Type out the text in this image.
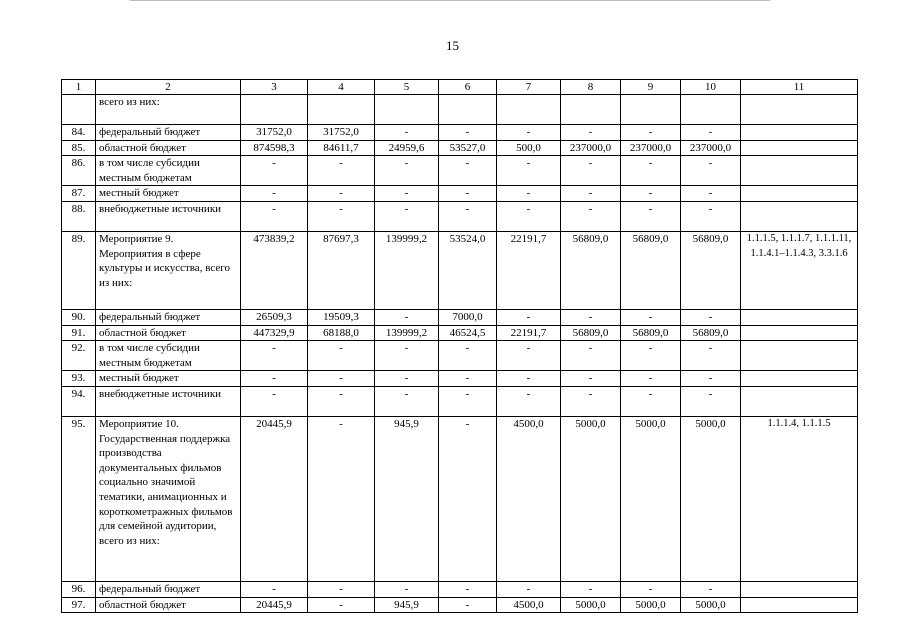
15
1	2	3	4	5	6	7	8	9	10	11
	всего из них:									
84.	федеральный бюджет	31752,0	31752,0	-	-	-	-	-	-	
85.	областной бюджет	874598,3	84611,7	24959,6	53527,0	500,0	237000,0	237000,0	237000,0	
86.	в том числе субсидии местным бюджетам	-	-	-	-	-	-	-	-	
87.	местный бюджет	-	-	-	-	-	-	-	-	
88.	внебюджетные источники	-	-	-	-	-	-	-	-	
89.	Мероприятие 9. Мероприятия в сфере культуры и искусства, всего из них:	473839,2	87697,3	139999,2	53524,0	22191,7	56809,0	56809,0	56809,0	1.1.1.5, 1.1.1.7, 1.1.1.11, 1.1.4.1–1.1.4.3, 3.3.1.6
90.	федеральный бюджет	26509,3	19509,3	-	7000,0	-	-	-	-	
91.	областной бюджет	447329,9	68188,0	139999,2	46524,5	22191,7	56809,0	56809,0	56809,0	
92.	в том числе субсидии местным бюджетам	-	-	-	-	-	-	-	-	
93.	местный бюджет	-	-	-	-	-	-	-	-	
94.	внебюджетные источники	-	-	-	-	-	-	-	-	
95.	Мероприятие 10. Государственная поддержка производства документальных фильмов социально значимой тематики, анимационных и короткометражных фильмов для семейной аудитории, всего из них:	20445,9	-	945,9	-	4500,0	5000,0	5000,0	5000,0	1.1.1.4, 1.1.1.5
96.	федеральный бюджет	-	-	-	-	-	-	-	-	
97.	областной бюджет	20445,9	-	945,9	-	4500,0	5000,0	5000,0	5000,0	
